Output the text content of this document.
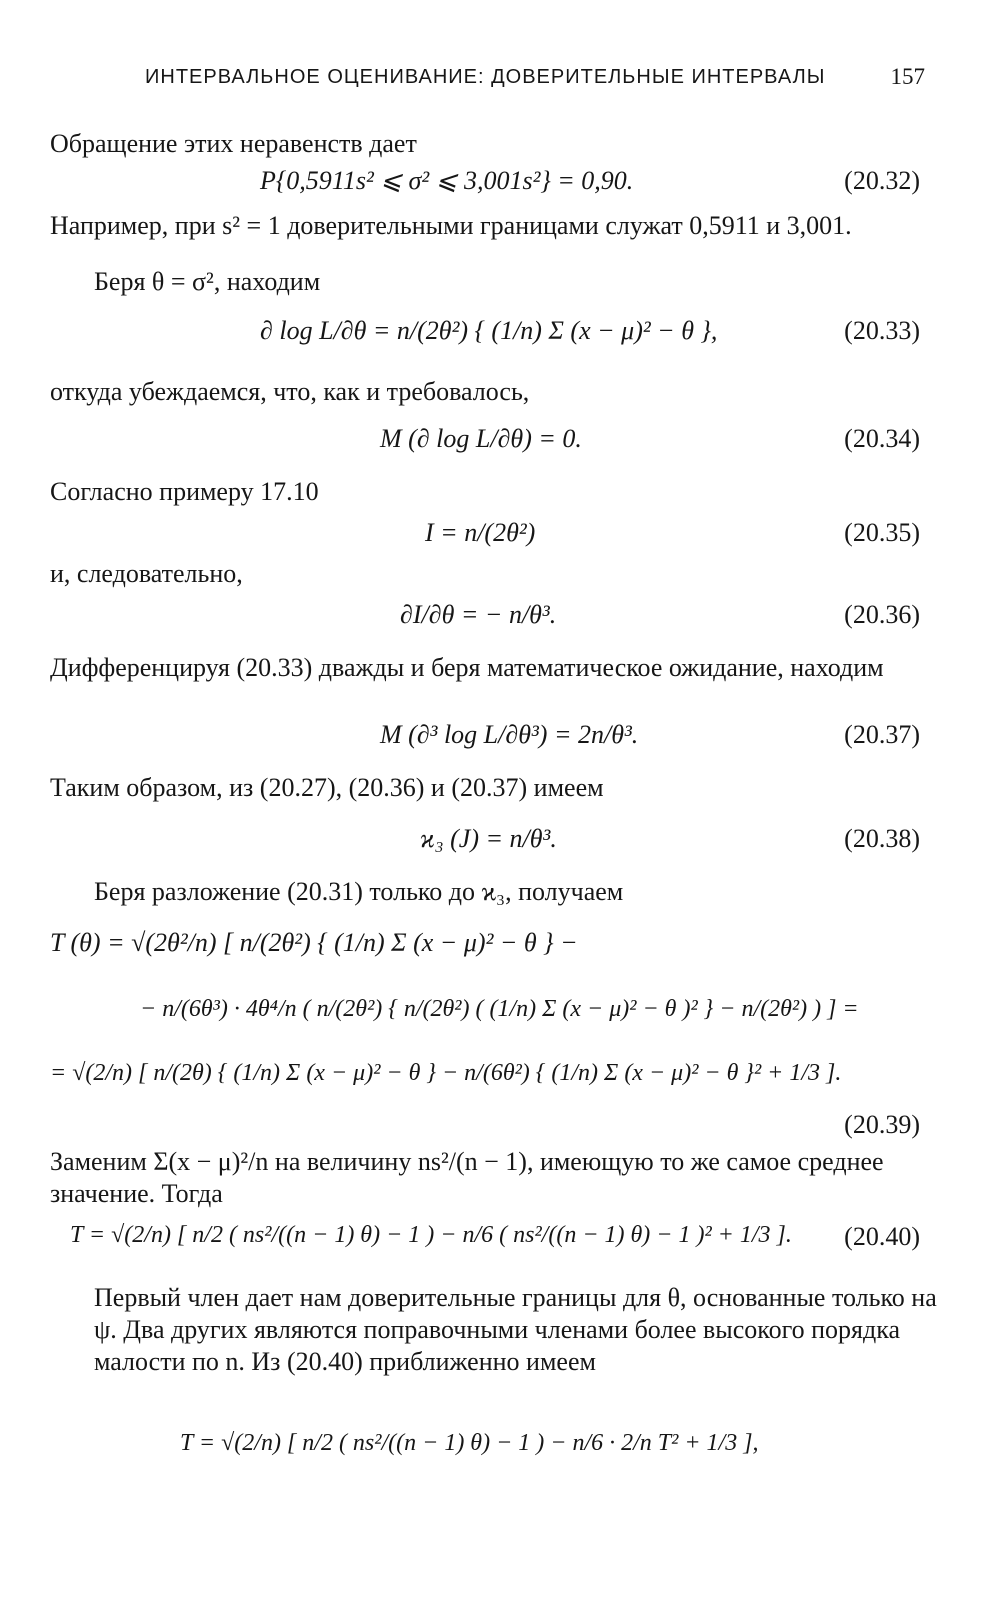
ИНТЕРВАЛЬНОЕ ОЦЕНИВАНИЕ: ДОВЕРИТЕЛЬНЫЕ ИНТЕРВАЛЫ	157
Обращение этих неравенств дает
P{0,5911s² ⩽ σ² ⩽ 3,001s²} = 0,90.	(20.32)
Например, при s² = 1 доверительными границами служат 0,5911 и 3,001.
Беря θ = σ², находим
∂ log L/∂θ = n/(2θ²) { (1/n) Σ (x − μ)² − θ },	(20.33)
откуда убеждаемся, что, как и требовалось,
M (∂ log L/∂θ) = 0.	(20.34)
Согласно примеру 17.10
I = n/(2θ²)	(20.35)
и, следовательно,
∂I/∂θ = − n/θ³.	(20.36)
Дифференцируя (20.33) дважды и беря математическое ожидание, находим
M (∂³ log L/∂θ³) = 2n/θ³.	(20.37)
Таким образом, из (20.27), (20.36) и (20.37) имеем
ϰ₃ (J) = n/θ³.	(20.38)
Беря разложение (20.31) только до ϰ₃, получаем
T (θ) = √(2θ²/n) [ n/(2θ²) { (1/n) Σ (x − μ)² − θ } −
− n/(6θ³) · 4θ⁴/n ( n/(2θ²) { n/(2θ²) ( (1/n) Σ (x − μ)² − θ )² } − n/(2θ²) ) ] =
= √(2/n) [ n/(2θ) { (1/n) Σ (x − μ)² − θ } − n/(6θ²) { (1/n) Σ (x − μ)² − θ }² + 1/3 ].
(20.39)
Заменим Σ(x − μ)²/n на величину ns²/(n − 1), имеющую то же самое среднее значение. Тогда
T = √(2/n) [ n/2 ( ns²/((n − 1) θ) − 1 ) − n/6 ( ns²/((n − 1) θ) − 1 )² + 1/3 ]. (20.40)
Первый член дает нам доверительные границы для θ, основанные только на ψ. Два других являются поправочными членами более высокого порядка малости по n. Из (20.40) приближенно имеем
T = √(2/n) [ n/2 ( ns²/((n − 1) θ) − 1 ) − n/6 · 2/n T² + 1/3 ],
